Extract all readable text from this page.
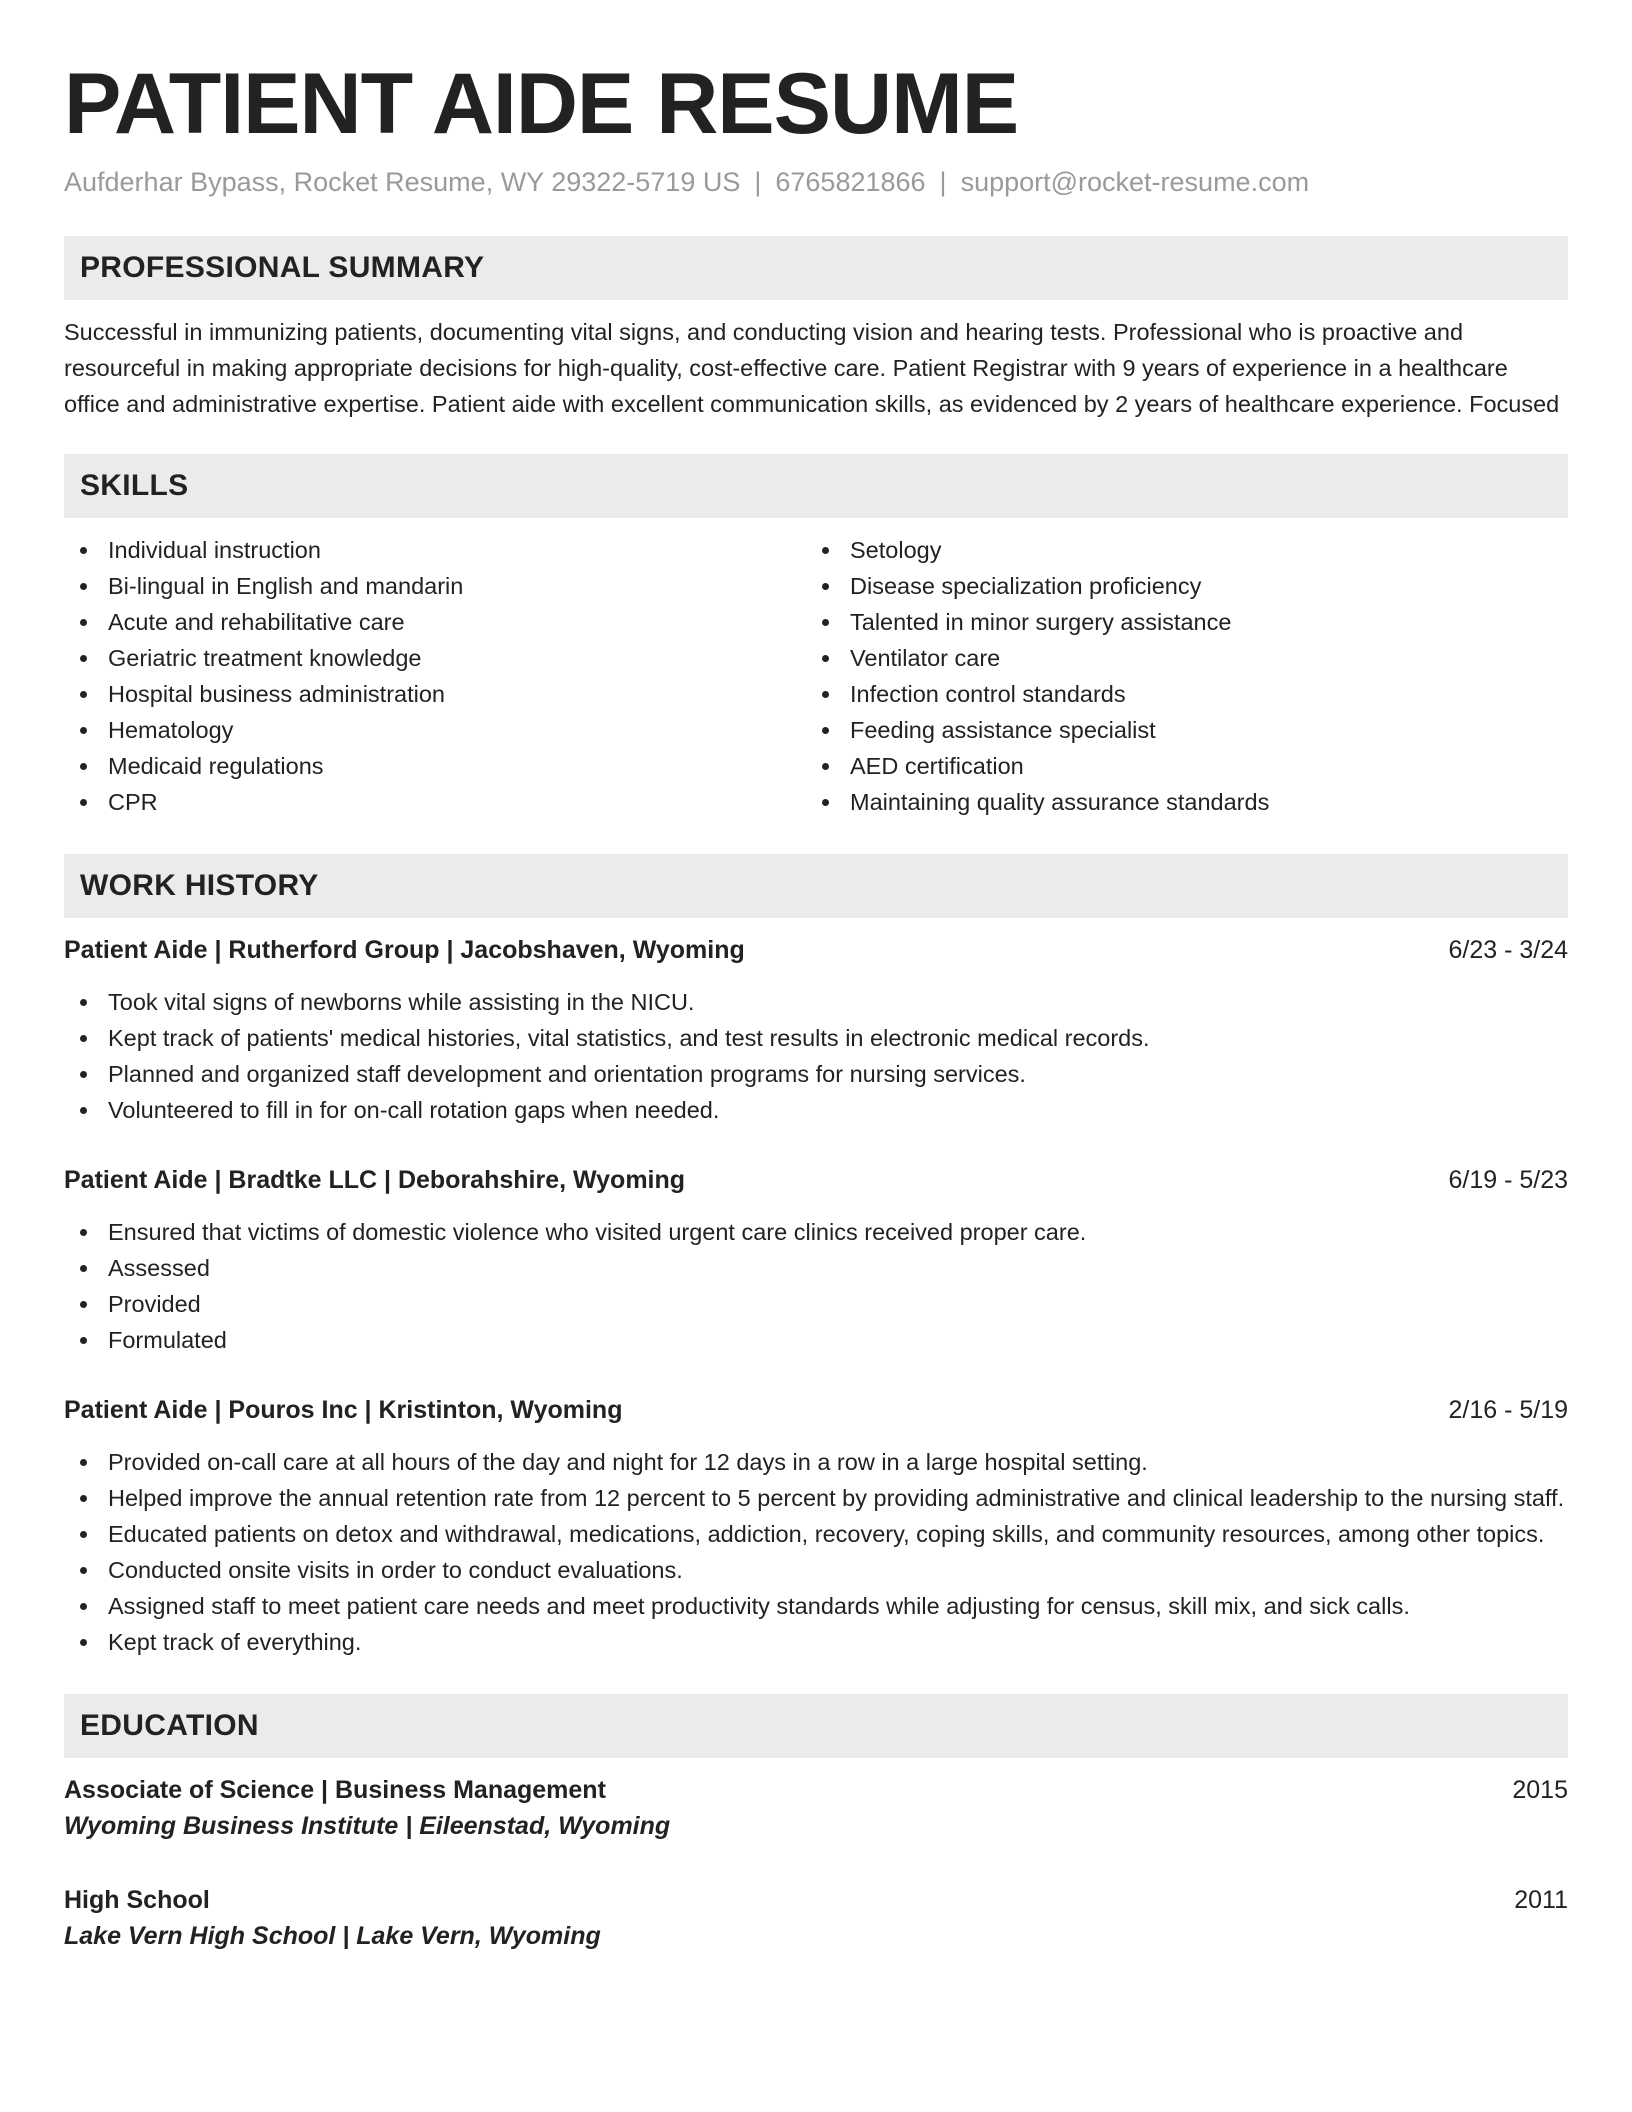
PATIENT AIDE RESUME
Aufderhar Bypass, Rocket Resume, WY 29322-5719 US | 6765821866 | support@rocket-resume.com
PROFESSIONAL SUMMARY

Successful in immunizing patients, documenting vital signs, and conducting vision and hearing tests. Professional who is proactive and resourceful in making appropriate decisions for high-quality, cost-effective care. Patient Registrar with 9 years of experience in a healthcare office and administrative expertise. Patient aide with excellent communication skills, as evidenced by 2 years of healthcare experience. Focused

SKILLS
Individual instruction
Bi-lingual in English and mandarin
Acute and rehabilitative care
Geriatric treatment knowledge
Hospital business administration
Hematology
Medicaid regulations
CPR
Setology
Disease specialization proficiency
Talented in minor surgery assistance
Ventilator care
Infection control standards
Feeding assistance specialist
AED certification
Maintaining quality assurance standards
WORK HISTORY
Patient Aide | Rutherford Group | Jacobshaven, Wyoming	6/23 - 3/24
Took vital signs of newborns while assisting in the NICU.
Kept track of patients' medical histories, vital statistics, and test results in electronic medical records.
Planned and organized staff development and orientation programs for nursing services.
Volunteered to fill in for on-call rotation gaps when needed.
Patient Aide | Bradtke LLC | Deborahshire, Wyoming	6/19 - 5/23
Ensured that victims of domestic violence who visited urgent care clinics received proper care.
Assessed
Provided
Formulated
Patient Aide | Pouros Inc | Kristinton, Wyoming	2/16 - 5/19
Provided on-call care at all hours of the day and night for 12 days in a row in a large hospital setting.
Helped improve the annual retention rate from 12 percent to 5 percent by providing administrative and clinical leadership to the nursing staff.
Educated patients on detox and withdrawal, medications, addiction, recovery, coping skills, and community resources, among other topics.
Conducted onsite visits in order to conduct evaluations.
Assigned staff to meet patient care needs and meet productivity standards while adjusting for census, skill mix, and sick calls.
Kept track of everything.
EDUCATION
Associate of Science | Business Management	2015
Wyoming Business Institute | Eileenstad, Wyoming
High School	2011
Lake Vern High School | Lake Vern, Wyoming
